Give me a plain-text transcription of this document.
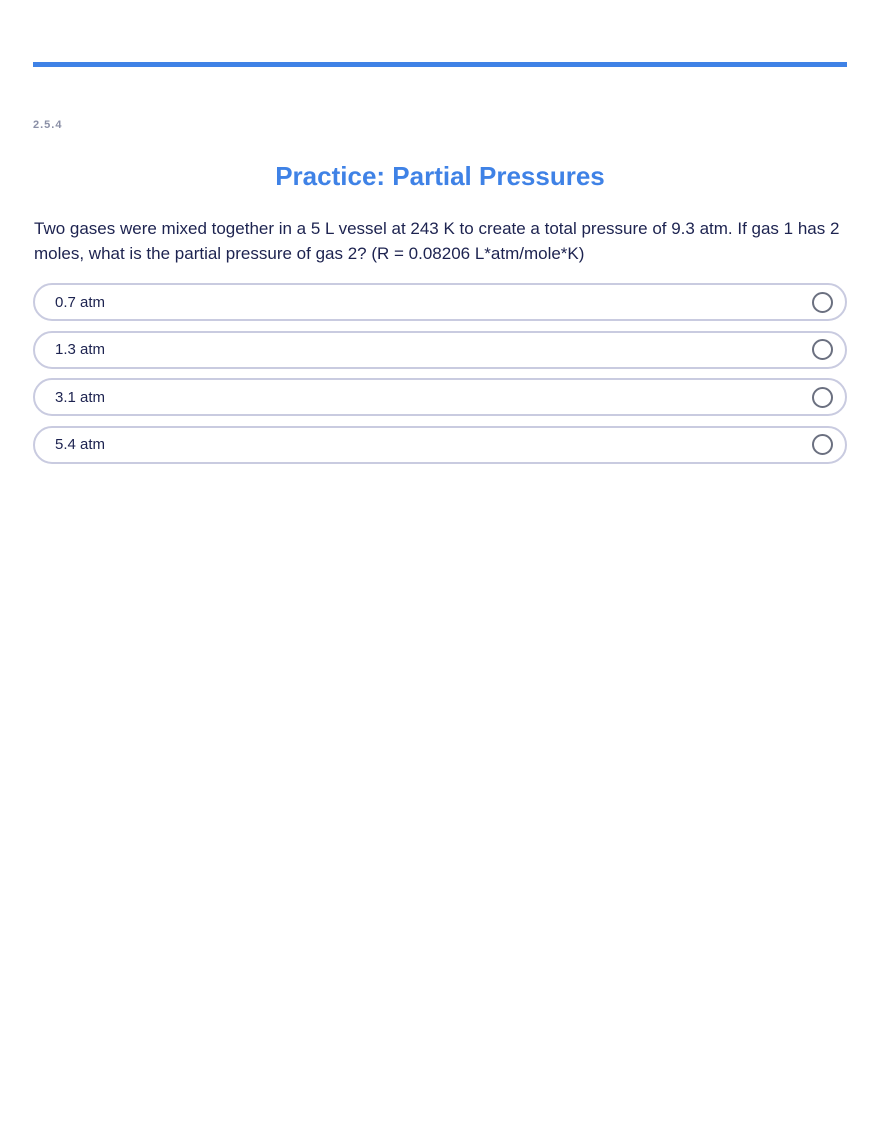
2.5.4
Practice: Partial Pressures

Two gases were mixed together in a 5 L vessel at 243 K to create a total pressure of 9.3 atm. If gas 1 has 2 moles, what is the partial pressure of gas 2? (R = 0.08206 L*atm/mole*K)

0.7 atm
1.3 atm
3.1 atm
5.4 atm
